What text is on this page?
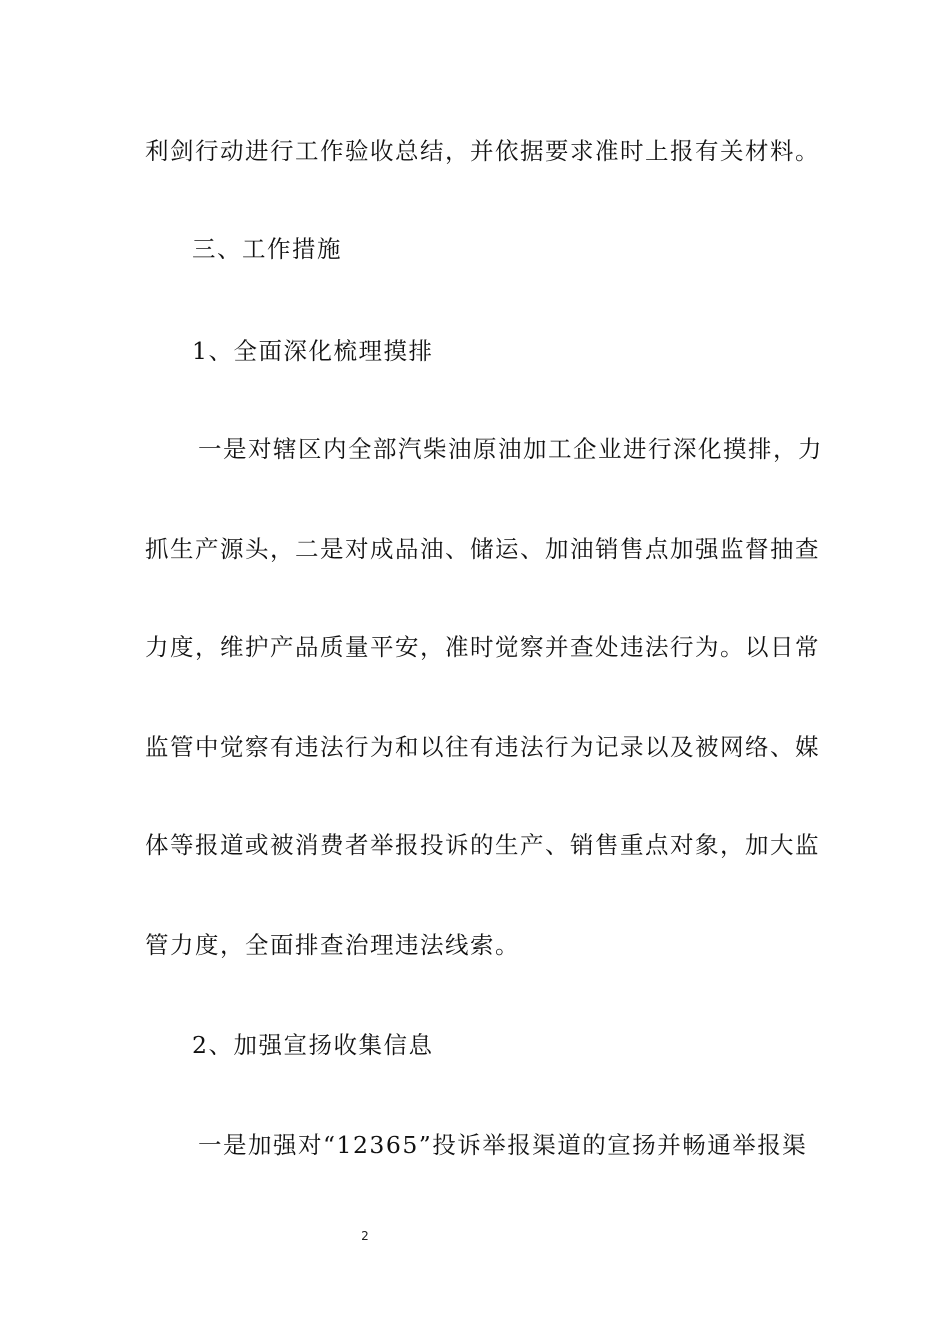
利剑行动进行工作验收总结，并依据要求准时上报有关材料。
三、工作措施
1、全面深化梳理摸排
一是对辖区内全部汽柴油原油加工企业进行深化摸排，力
抓生产源头，二是对成品油、储运、加油销售点加强监督抽查
力度，维护产品质量平安，准时觉察并查处违法行为。以日常
监管中觉察有违法行为和以往有违法行为记录以及被网络、媒
体等报道或被消费者举报投诉的生产、销售重点对象，加大监
管力度，全面排查治理违法线索。
2、加强宣扬收集信息
一是加强对“12365”投诉举报渠道的宣扬并畅通举报渠
2
